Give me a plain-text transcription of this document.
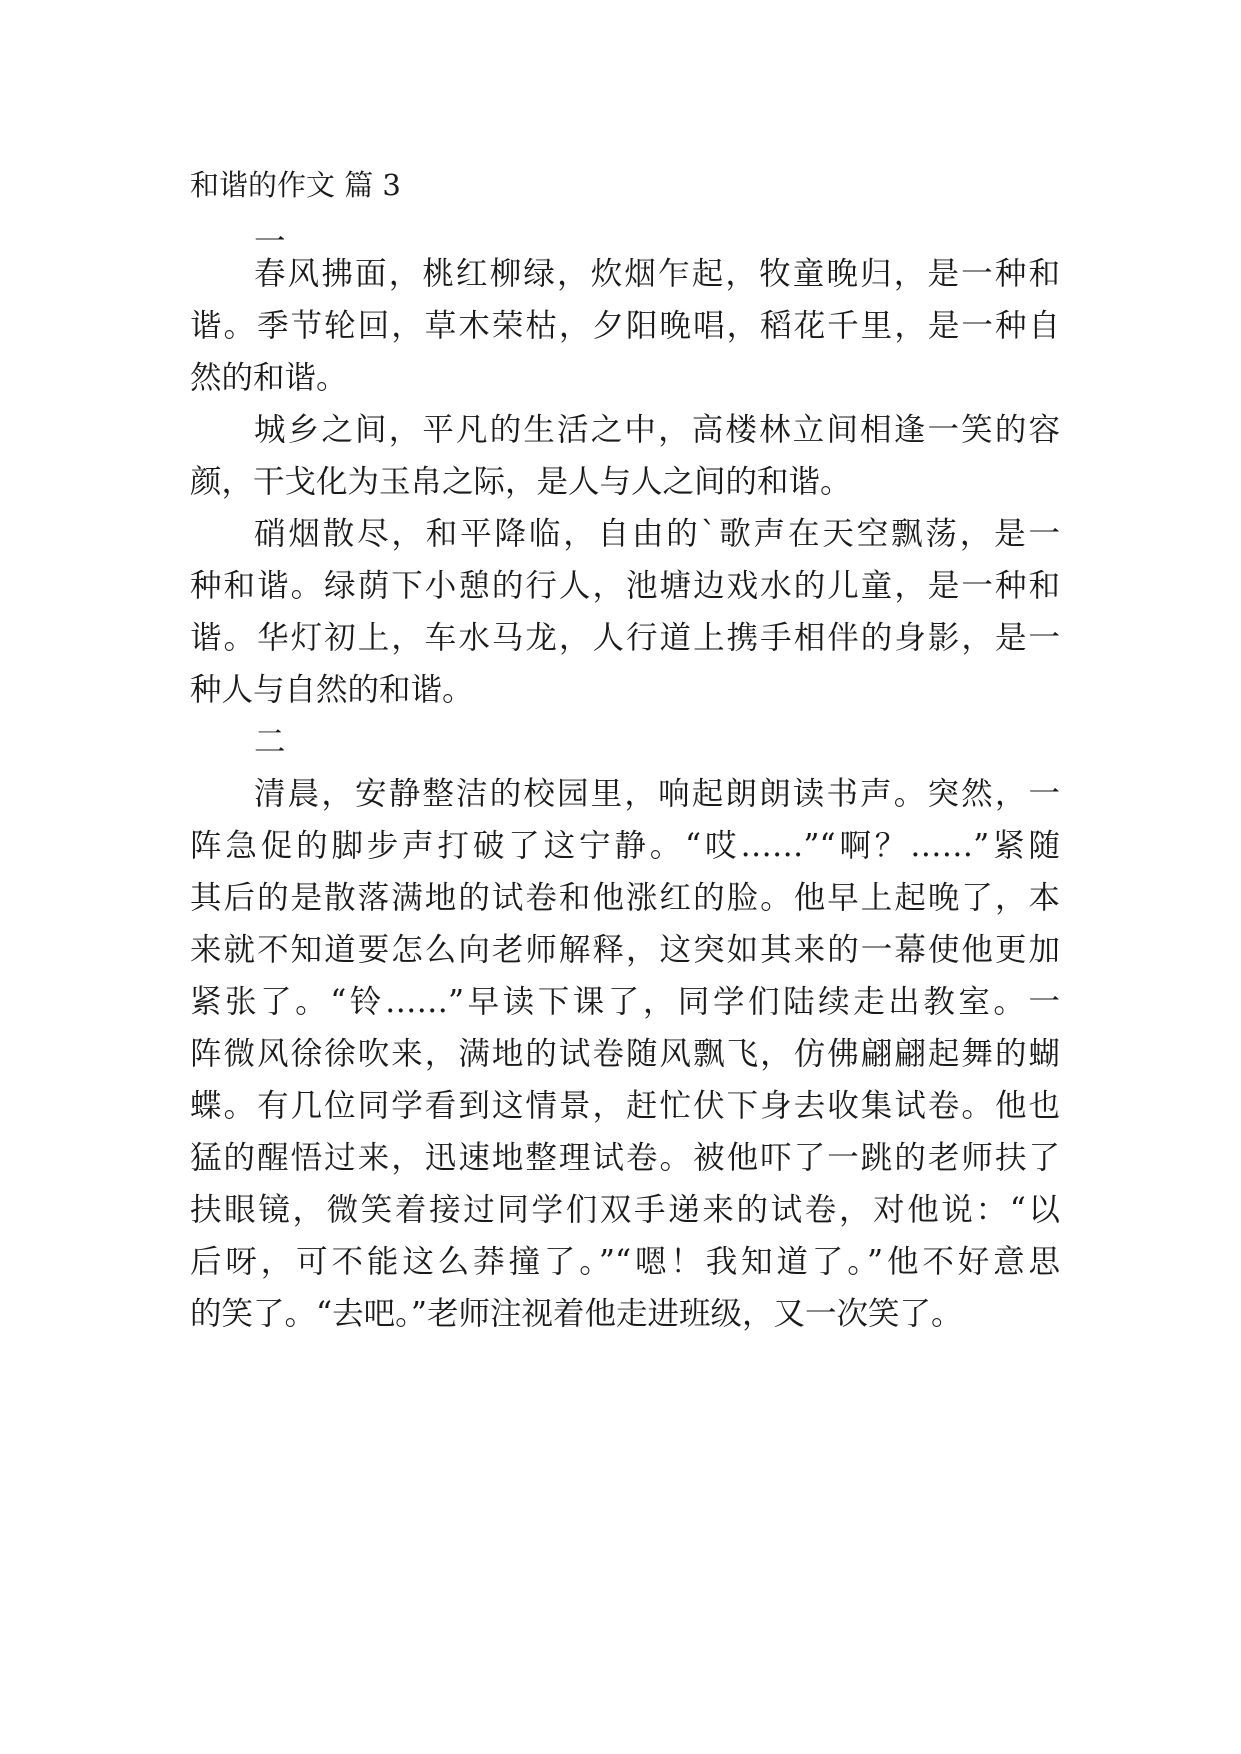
和谐的作文 篇 3
一
春风拂面，桃红柳绿，炊烟乍起，牧童晚归，是一种和
谐。季节轮回，草木荣枯，夕阳晚唱，稻花千里，是一种自
然的和谐。
城乡之间，平凡的生活之中，高楼林立间相逢一笑的容
颜，干戈化为玉帛之际，是人与人之间的和谐。
硝烟散尽，和平降临，自由的`歌声在天空飘荡，是一
种和谐。绿荫下小憩的行人，池塘边戏水的儿童，是一种和
谐。华灯初上，车水马龙，人行道上携手相伴的身影，是一
种人与自然的和谐。
二
清晨，安静整洁的校园里，响起朗朗读书声。突然，一
阵急促的脚步声打破了这宁静。“哎……”“啊？……”紧随
其后的是散落满地的试卷和他涨红的脸。他早上起晚了，本
来就不知道要怎么向老师解释，这突如其来的一幕使他更加
紧张了。“铃……”早读下课了，同学们陆续走出教室。一
阵微风徐徐吹来，满地的试卷随风飘飞，仿佛翩翩起舞的蝴
蝶。有几位同学看到这情景，赶忙伏下身去收集试卷。他也
猛的醒悟过来，迅速地整理试卷。被他吓了一跳的老师扶了
扶眼镜，微笑着接过同学们双手递来的试卷，对他说：“以
后呀，可不能这么莽撞了。”“嗯！我知道了。”他不好意思
的笑了。“去吧。”老师注视着他走进班级，又一次笑了。
